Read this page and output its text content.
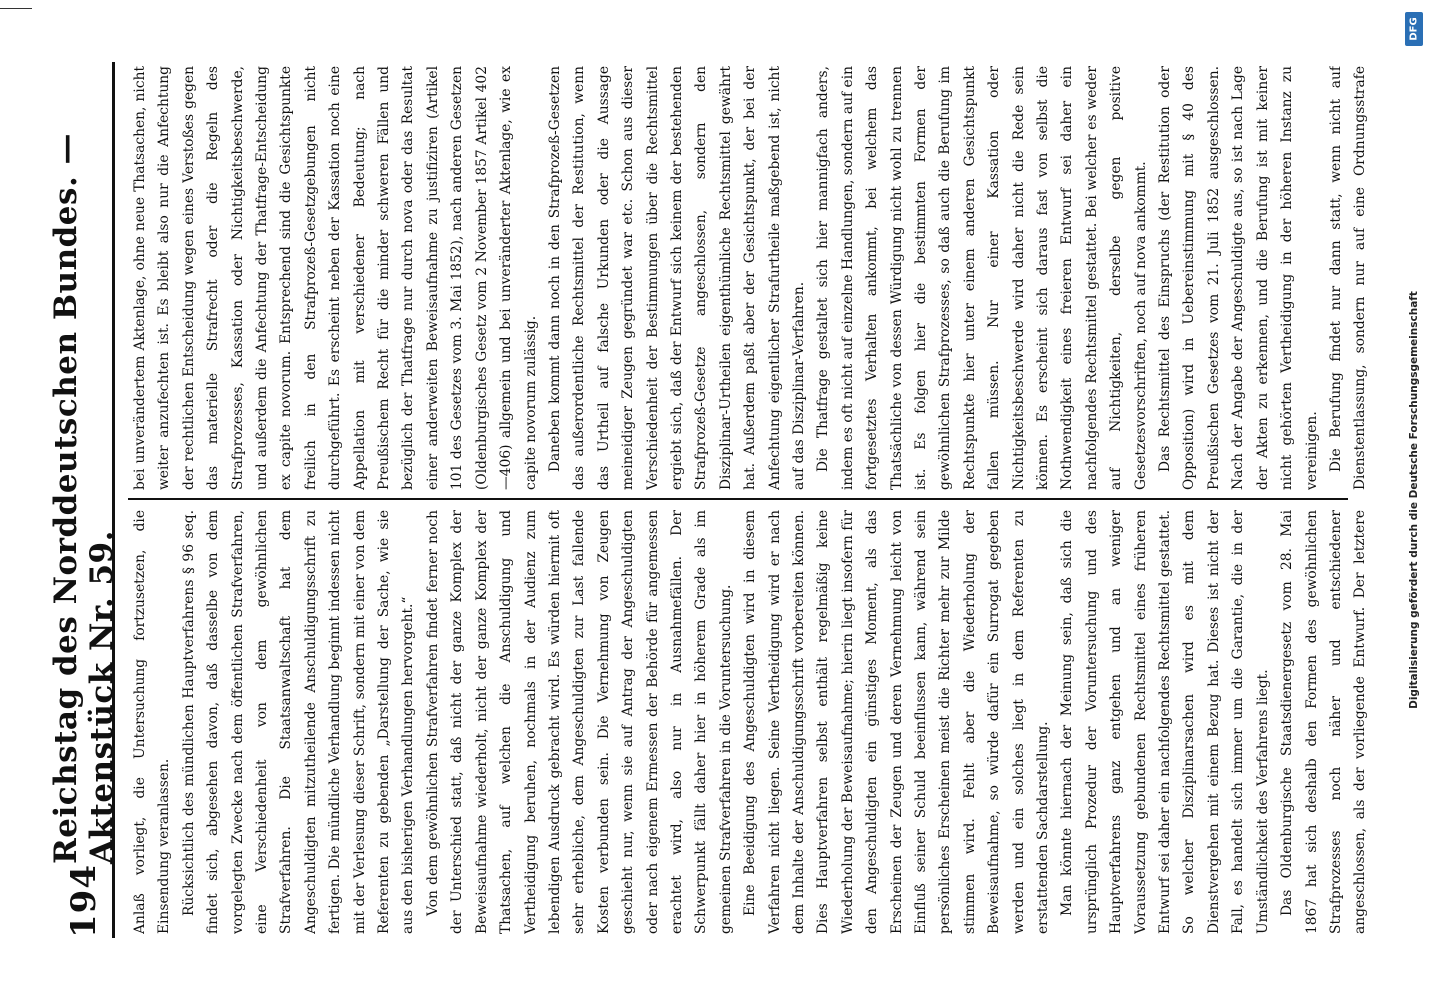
194
Reichstag des Norddeutschen Bundes. — Aktenstück Nr. 59. Anlaß vorliegt, die Untersuchung fortzusetzen, die Einsendung veranlassen. Rücksichtlich des mündlichen Hauptverfahrens § 96 seq. findet sich, abgesehen davon, daß dasselbe von dem vorgelegten Zwecke nach dem öffentlichen Strafverfahren, eine Verschiedenheit von dem gewöhnlichen Strafverfahren. Die Staatsanwaltschaft hat dem Angeschuldigten mitzutheilende Anschuldigungsschrift zu fertigen. Die mündliche Verhandlung beginnt indessen nicht mit der Verlesung dieser Schrift, sondern mit einer von dem Referenten zu gebenden „Darstellung der Sache, wie sie aus den bisherigen Verhandlungen hervorgeht.“ Von dem gewöhnlichen Strafverfahren findet ferner noch der Unterschied statt, daß nicht der ganze Komplex der Beweisaufnahme wiederholt, nicht der ganze Komplex der Thatsachen, auf welchen die Anschuldigung und Vertheidigung beruhen, nochmals in der Audienz zum lebendigen Ausdruck gebracht wird. Es würden hiermit oft sehr erhebliche, dem Angeschuldigten zur Last fallende Kosten verbunden sein. Die Vernehmung von Zeugen geschieht nur, wenn sie auf Antrag der Angeschuldigten oder nach eigenem Ermessen der Behörde für angemessen erachtet wird, also nur in Ausnahmefällen. Der Schwerpunkt fällt daher hier in höherem Grade als im gemeinen Strafverfahren in die Voruntersuchung. Eine Beeidigung des Angeschuldigten wird in diesem Verfahren nicht liegen. Seine Vertheidigung wird er nach dem Inhalte der Anschuldigungsschrift vorbereiten können. Dies Hauptverfahren selbst enthält regelmäßig keine Wiederholung der Beweisaufnahme; hierin liegt insofern für den Angeschuldigten ein günstiges Moment, als das Erscheinen der Zeugen und deren Vernehmung leicht von Einfluß seiner Schuld beeinflussen kann, während sein persönliches Erscheinen meist die Richter mehr zur Milde stimmen wird. Fehlt aber die Wiederholung der Beweisaufnahme, so würde dafür ein Surrogat gegeben werden und ein solches liegt in dem Referenten zu erstattenden Sachdarstellung. Man könnte hiernach der Meinung sein, daß sich die ursprünglich Prozedur der Voruntersuchung und des Hauptverfahrens ganz entgehen und an weniger Voraussetzung gebundenen Rechtsmittel eines früheren Entwurf sei daher ein nachfolgendes Rechtsmittel gestattet. So welcher Disziplinarsachen wird es mit dem Dienstvergehen mit einem Bezug hat. Dieses ist nicht der Fall, es handelt sich immer um die Garantie, die in der Umständlichkeit des Verfahrens liegt. Das Oldenburgische Staatsdienergesetz vom 28. Mai 1867 hat sich deshalb den Formen des gewöhnlichen Strafprozesses noch näher und entschiedener angeschlossen, als der vorliegende Entwurf. Der letztere

bei unverändertem Aktenlage, ohne neue Thatsachen, nicht weiter anzufechten ist. Es bleibt also nur die Anfechtung der rechtlichen Entscheidung wegen eines Verstoßes gegen das materielle Strafrecht oder die Regeln des Strafprozesses, Kassation oder Nichtigkeitsbeschwerde, und außerdem die Anfechtung der Thatfrage-Entscheidung ex capite novorum. Entsprechend sind die Gesichtspunkte freilich in den Strafprozeß-Gesetzgebungen nicht durchgeführt. Es erscheint neben der Kassation noch eine Appellation mit verschiedener Bedeutung; nach Preußischem Recht für die minder schweren Fällen und bezüglich der Thatfrage nur durch nova oder das Resultat einer anderweiten Beweisaufnahme zu justifiziren (Artikel 101 des Gesetzes vom 3. Mai 1852), nach anderen Gesetzen (Oldenburgisches Gesetz vom 2 November 1857 Artikel 402—406) allgemein und bei unveränderter Aktenlage, wie ex capite novorum zulässig. Daneben kommt dann noch in den Strafprozeß-Gesetzen das außerordentliche Rechtsmittel der Restitution, wenn das Urtheil auf falsche Urkunden oder die Aussage meineidiger Zeugen gegründet war etc. Schon aus dieser Verschiedenheit der Bestimmungen über die Rechtsmittel ergiebt sich, daß der Entwurf sich keinem der bestehenden Strafprozeß-Gesetze angeschlossen, sondern den Disziplinar-Urtheilen eigenthümliche Rechtsmittel gewährt hat. Außerdem paßt aber der Gesichtspunkt, der bei der Anfechtung eigentlicher Strafurtheile maßgebend ist, nicht auf das Disziplinar-Verfahren. Die Thatfrage gestaltet sich hier mannigfach anders, indem es oft nicht auf einzelne Handlungen, sondern auf ein fortgesetztes Verhalten ankommt, bei welchem das Thatsächliche von dessen Würdigung nicht wohl zu trennen ist. Es folgen hier die bestimmten Formen der gewöhnlichen Strafprozesses, so daß auch die Berufung im Rechtspunkte hier unter einem anderen Gesichtspunkt fallen müssen. Nur einer Kassation oder Nichtigkeitsbeschwerde wird daher nicht die Rede sein können. Es erscheint sich daraus fast von selbst die Nothwendigkeit eines freieren Entwurf sei daher ein nachfolgendes Rechtsmittel gestattet. Bei welcher es weder auf Nichtigkeiten, derselbe gegen positive Gesetzesvorschriften, noch auf nova ankommt. Das Rechtsmittel des Einspruchs (der Restitution oder Opposition) wird in Uebereinstimmung mit § 40 des Preußischen Gesetzes vom 21. Juli 1852 ausgeschlossen. Nach der Angabe der Angeschuldigte aus, so ist nach Lage der Akten zu erkennen, und die Berufung ist mit keiner nicht gehörten Vertheidigung in der höheren Instanz zu vereinigen. Die Berufung findet nur dann statt, wenn nicht auf Dienstentlassung, sondern nur auf eine Ordnungsstrafe

Digitalisierung gefördert durch die Deutsche Forschungsgemeinschaft
DFG
